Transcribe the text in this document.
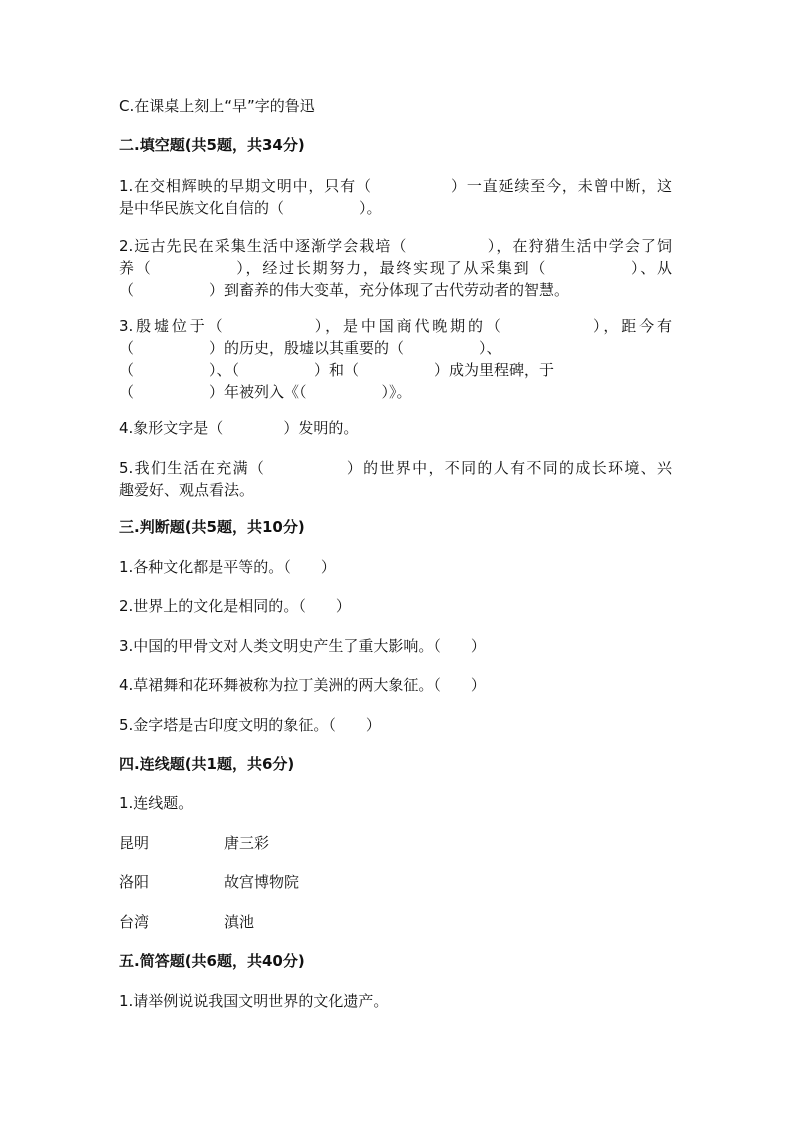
C.在课桌上刻上“早”字的鲁迅
二.填空题(共5题，共34分)

1.在交相辉映的早期文明中，只有（　　　　　）一直延续至今，未曾中断，这

是中华民族文化自信的（　　　　　）。

2.远古先民在采集生活中逐渐学会栽培（　　　　　），在狩猎生活中学会了饲

养（　　　　　），经过长期努力，最终实现了从采集到（　　　　　）、从

（　　　　　）到畜养的伟大变革，充分体现了古代劳动者的智慧。

3.殷墟位于（　　　　　），是中国商代晚期的（　　　　　），距今有

（　　　　　）的历史，殷墟以其重要的（　　　　　）、

（　　　　　）、（　　　　　）和（　　　　　）成为里程碑，于

（　　　　　）年被列入《（　　　　　）》。

4.象形文字是（　　　　）发明的。

5.我们生活在充满（　　　　　）的世界中，不同的人有不同的成长环境、兴

趣爱好、观点看法。

三.判断题(共5题，共10分)
1.各种文化都是平等的。（　　）
2.世界上的文化是相同的。（　　）
3.中国的甲骨文对人类文明史产生了重大影响。（　　）
4.草裙舞和花环舞被称为拉丁美洲的两大象征。（　　）
5.金字塔是古印度文明的象征。（　　）
四.连线题(共1题，共6分)
1.连线题。
昆明	唐三彩
洛阳	故宫博物院
台湾	滇池
五.简答题(共6题，共40分)
1.请举例说说我国文明世界的文化遗产。
